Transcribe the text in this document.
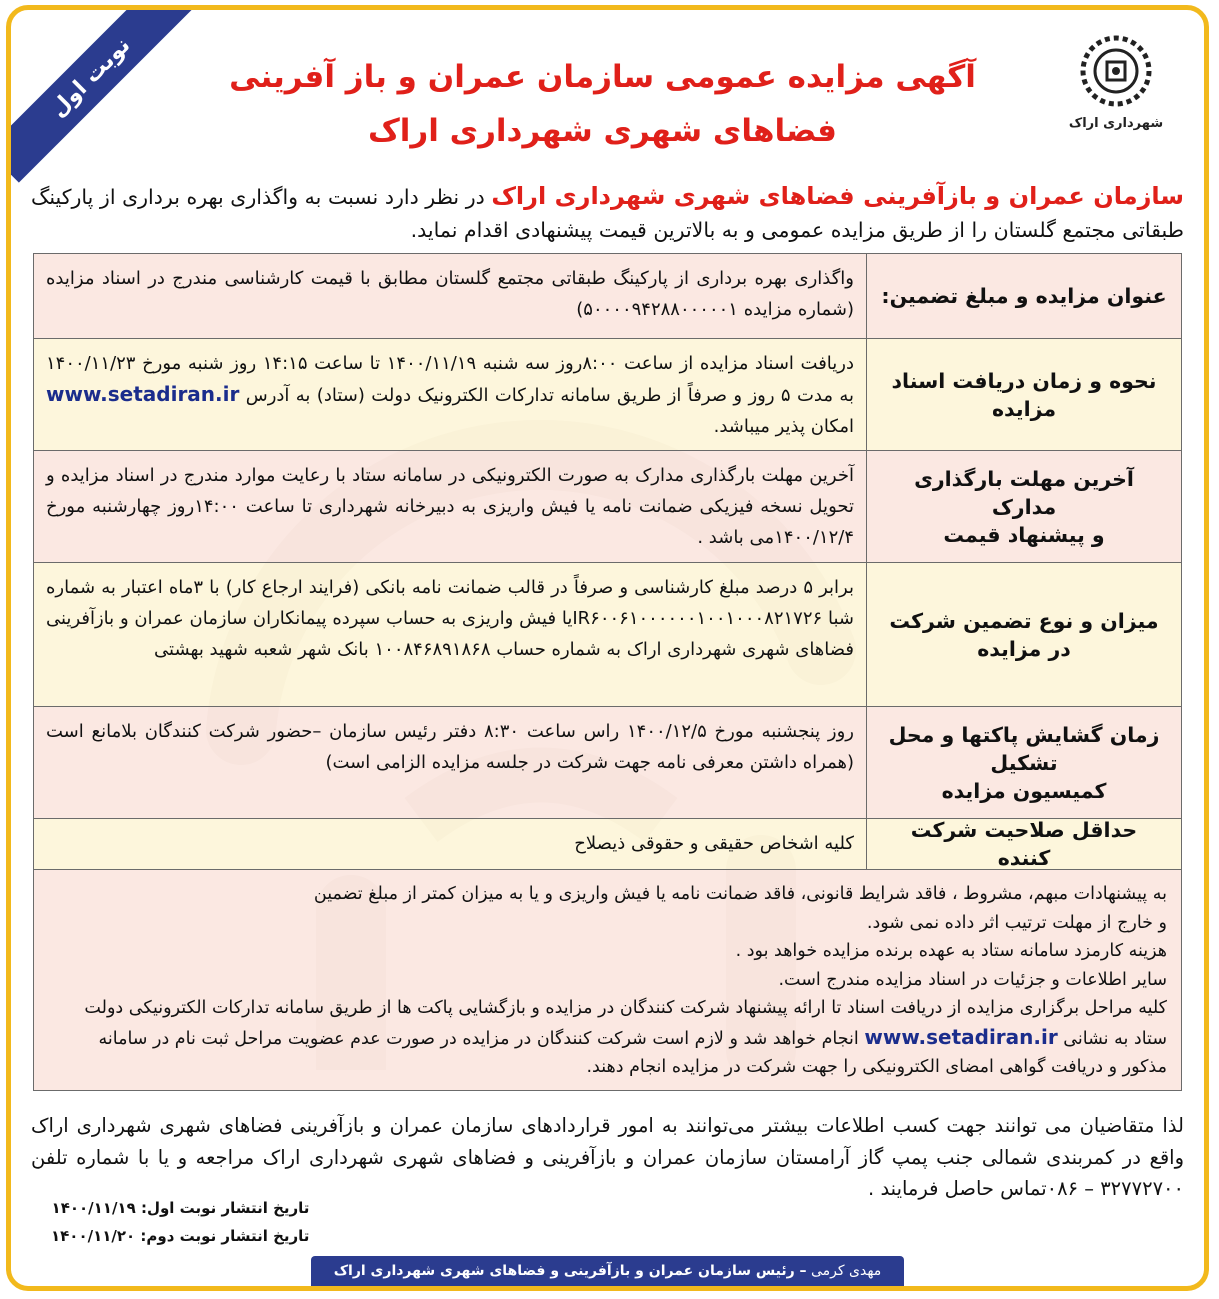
شهرداری اراک
آگهی مزایده عمومی سازمان عمران و باز آفرینی
فضاهای شهری شهرداری اراک
نوبت اول
سازمان عمران و بازآفرینی فضاهای شهری شهرداری اراک در نظر دارد نسبت به واگذاری بهره برداری از پارکینگ طبقاتی مجتمع گلستان را از طریق مزایده عمومی و به بالاترین قیمت پیشنهادی اقدام نماید.
عنوان مزایده و مبلغ تضمین:
واگذاری بهره برداری از پارکینگ طبقاتی مجتمع گلستان مطابق با قیمت کارشناسی مندرج در اسناد مزایده (شماره مزایده ۵۰۰۰۰۹۴۲۸۸۰۰۰۰۰۱)
نحوه و زمان دریافت اسناد مزایده
دریافت اسناد مزایده از ساعت ۸:۰۰روز سه شنبه ۱۴۰۰/۱۱/۱۹ تا ساعت ۱۴:۱۵ روز شنبه مورخ ۱۴۰۰/۱۱/۲۳ به مدت ۵ روز و صرفاً از طریق سامانه تدارکات الکترونیک دولت (ستاد) به آدرس www.setadiran.ir امکان پذیر میباشد.
آخرین مهلت بارگذاری مدارک
و پیشنهاد قیمت
آخرین مهلت بارگذاری مدارک به صورت الکترونیکی در سامانه ستاد با رعایت موارد مندرج در اسناد مزایده و تحویل نسخه فیزیکی ضمانت نامه یا فیش واریزی به دبیرخانه شهرداری تا ساعت ۱۴:۰۰روز چهارشنبه مورخ ۱۴۰۰/۱۲/۴می باشد .
میزان و نوع تضمین شرکت در مزایده
برابر ۵ درصد مبلغ کارشناسی و صرفاً در قالب ضمانت نامه بانکی (فرایند ارجاع کار) با ۳ماه اعتبار به شماره شبا IR۶۰۰۶۱۰۰۰۰۰۰۱۰۰۱۰۰۰۸۲۱۷۲۶یا فیش واریزی به حساب سپرده پیمانکاران سازمان عمران و بازآفرینی فضاهای شهری شهرداری اراک به شماره حساب ۱۰۰۸۴۶۸۹۱۸۶۸ بانک شهر شعبه شهید بهشتی
زمان گشایش پاکتها و محل تشکیل
کمیسیون مزایده
روز پنجشنبه مورخ ۱۴۰۰/۱۲/۵ راس ساعت ۸:۳۰ دفتر رئیس سازمان –حضور شرکت کنندگان بلامانع است (همراه داشتن معرفی نامه جهت شرکت در جلسه مزایده الزامی است)
حداقل صلاحیت شرکت کننده
کلیه اشخاص حقیقی و حقوقی ذیصلاح

به پیشنهادات مبهم، مشروط ، فاقد شرایط قانونی، فاقد ضمانت نامه یا فیش واریزی و یا به میزان کمتر از مبلغ تضمین

و خارج از مهلت ترتیب اثر داده نمی شود.

هزینه کارمزد سامانه ستاد به عهده برنده مزایده خواهد بود .

سایر اطلاعات و جزئیات در اسناد مزایده مندرج است.

کلیه مراحل برگزاری مزایده از دریافت اسناد تا ارائه پیشنهاد شرکت کنندگان در مزایده و بازگشایی پاکت ها از طریق سامانه تدارکات الکترونیکی دولت ستاد به نشانی www.setadiran.ir انجام خواهد شد و لازم است شرکت کنندگان در مزایده در صورت عدم عضویت مراحل ثبت نام در سامانه مذکور و دریافت گواهی امضای الکترونیکی را جهت شرکت در مزایده انجام دهند.

لذا متقاضیان می توانند جهت کسب اطلاعات بیشتر می‌توانند به امور قراردادهای سازمان عمران و بازآفرینی فضاهای شهری شهرداری اراک واقع در کمربندی شمالی جنب پمپ گاز آرامستان سازمان عمران و بازآفرینی و فضاهای شهری شهرداری اراک مراجعه و یا با شماره تلفن ۳۲۷۷۲۷۰۰ – ۰۸۶تماس حاصل فرمایند .
تاریخ انتشار نوبت اول: ۱۴۰۰/۱۱/۱۹
تاریخ انتشار نوبت دوم: ۱۴۰۰/۱۱/۲۰
مهدی کرمی – رئیس سازمان عمران و بازآفرینی و فضاهای شهری شهرداری اراک
